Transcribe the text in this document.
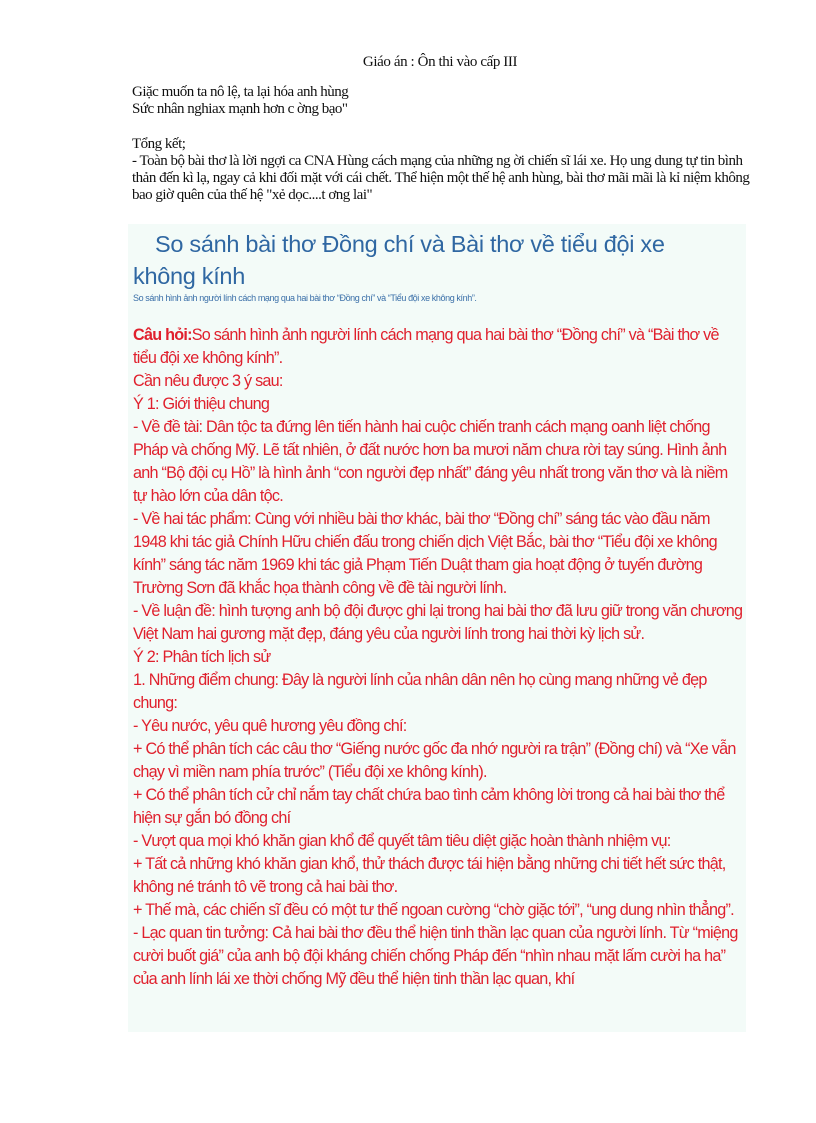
Giáo án : Ôn thi vào cấp III

Giặc muốn ta nô lệ, ta lại hóa anh hùng

Sức nhân nghiax mạnh hơn c ờng bạo"

Tổng kết;

- Toàn bộ bài thơ là lời ngợi ca CNA Hùng cách mạng của những ng ời chiến sĩ lái xe. Họ ung dung tự tin bình thản đến kì lạ, ngay cả khi đối mặt với cái chết. Thể hiện một thế hệ anh hùng, bài thơ mãi mãi là kỉ niệm không bao giờ quên của thế hệ "xẻ dọc....t ơng lai"

So sánh bài thơ Đồng chí và Bài thơ về tiểu đội xe
không kính
So sánh hình ảnh người lính cách mạng qua hai bài thơ “Đồng chí” và “Tiểu đội xe không kính”.

Câu hỏi:So sánh hình ảnh người lính cách mạng qua hai bài thơ “Đồng chí” và “Bài thơ về tiểu đội xe không kính”.

Cần nêu được 3 ý sau:

Ý 1: Giới thiệu chung

- Về đề tài: Dân tộc ta đứng lên tiến hành hai cuộc chiến tranh cách mạng oanh liệt chống Pháp và chống Mỹ. Lẽ tất nhiên, ở đất nước hơn ba mươi năm chưa rời tay súng. Hình ảnh anh “Bộ đội cụ Hồ” là hình ảnh “con người đẹp nhất” đáng yêu nhất trong văn thơ và là niềm tự hào lớn của dân tộc.

- Về hai tác phẩm: Cùng với nhiều bài thơ khác, bài thơ “Đồng chí” sáng tác vào đầu năm 1948 khi tác giả Chính Hữu chiến đấu trong chiến dịch Việt Bắc, bài thơ “Tiểu đội xe không kính” sáng tác năm 1969 khi tác giả Phạm Tiến Duật tham gia hoạt động ở tuyến đường Trường Sơn đã khắc họa thành công về đề tài người lính.

- Về luận đề: hình tượng anh bộ đội được ghi lại trong hai bài thơ đã lưu giữ trong văn chương Việt Nam hai gương mặt đẹp, đáng yêu của người lính trong hai thời kỳ lịch sử.

Ý 2: Phân tích lịch sử

1. Những điểm chung: Đây là người lính của nhân dân nên họ cùng mang những vẻ đẹp chung:

- Yêu nước, yêu quê hương yêu đồng chí:

+ Có thể phân tích các câu thơ “Giếng nước gốc đa nhớ người ra trận” (Đồng chí) và “Xe vẫn chạy vì miền nam phía trước” (Tiểu đội xe không kính).

+ Có thể phân tích cử chỉ nắm tay chất chứa bao tình cảm không lời trong cả hai bài thơ thể hiện sự gắn bó đồng chí

- Vượt qua mọi khó khăn gian khổ để quyết tâm tiêu diệt giặc hoàn thành nhiệm vụ:

+ Tất cả những khó khăn gian khổ, thử thách được tái hiện bằng những chi tiết hết sức thật, không né tránh tô vẽ trong cả hai bài thơ.

+ Thế mà, các chiến sĩ đều có một tư thế ngoan cường “chờ giặc tới”, “ung dung nhìn thẳng”.

- Lạc quan tin tưởng: Cả hai bài thơ đều thể hiện tinh thần lạc quan của người lính. Từ “miệng cười buốt giá” của anh bộ đội kháng chiến chống Pháp đến “nhìn nhau mặt lấm cười ha ha” của anh lính lái xe thời chống Mỹ đều thể hiện tinh thần lạc quan, khí
